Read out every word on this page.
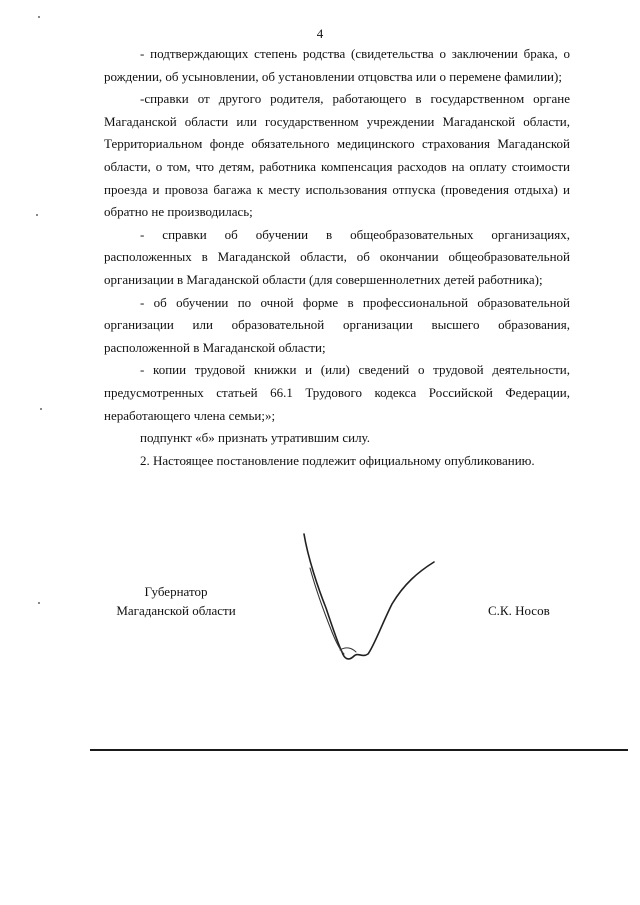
4

- подтверждающих степень родства (свидетельства о заключении брака, о рождении, об усыновлении, об установлении отцовства или о перемене фамилии);

-справки от другого родителя, работающего в государственном органе Магаданской области или государственном учреждении Магаданской области, Территориальном фонде обязательного медицинского страхования Магаданской области, о том, что детям, работника компенсация расходов на оплату стоимости проезда и провоза багажа к месту использования отпуска (проведения отдыха) и обратно не производилась;

- справки об обучении в общеобразовательных организациях, расположенных в Магаданской области, об окончании общеобразовательной организации в Магаданской области (для совершеннолетних детей работника);

- об обучении по очной форме в профессиональной образовательной организации или образовательной организации высшего образования, расположенной в Магаданской области;

- копии трудовой книжки и (или) сведений о трудовой деятельности, предусмотренных статьей 66.1 Трудового кодекса Российской Федерации, неработающего члена семьи;»;

подпункт «б» признать утратившим силу.

2. Настоящее постановление подлежит официальному опубликованию.

Губернатор
Магаданской области	С.К. Носов
